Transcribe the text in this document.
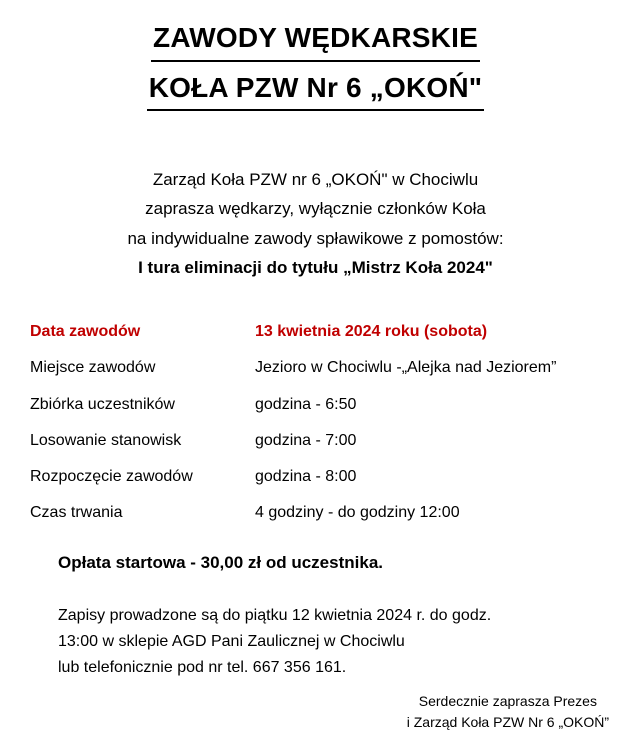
ZAWODY WĘDKARSKIE
KOŁA PZW Nr 6 „OKOŃ"
Zarząd Koła PZW nr 6 „OKOŃ" w Chociwlu
zaprasza wędkarzy, wyłącznie członków Koła
na indywidualne zawody spławikowe z pomostów:
I tura eliminacji do tytułu „Mistrz Koła 2024"
Data zawodów	13 kwietnia 2024 roku (sobota)
Miejsce zawodów	Jezioro w Chociwlu -„Alejka nad Jeziorem”
Zbiórka uczestników	godzina - 6:50
Losowanie stanowisk	godzina - 7:00
Rozpoczęcie zawodów	godzina - 8:00
Czas trwania	4 godziny - do godziny 12:00
Opłata startowa - 30,00 zł od uczestnika.
Zapisy prowadzone są do piątku 12 kwietnia 2024 r. do godz.
13:00 w sklepie AGD Pani Zaulicznej w Chociwlu
lub telefonicznie pod nr tel. 667 356 161.
Serdecznie zaprasza Prezes
i Zarząd Koła PZW Nr 6 „OKOŃ”
